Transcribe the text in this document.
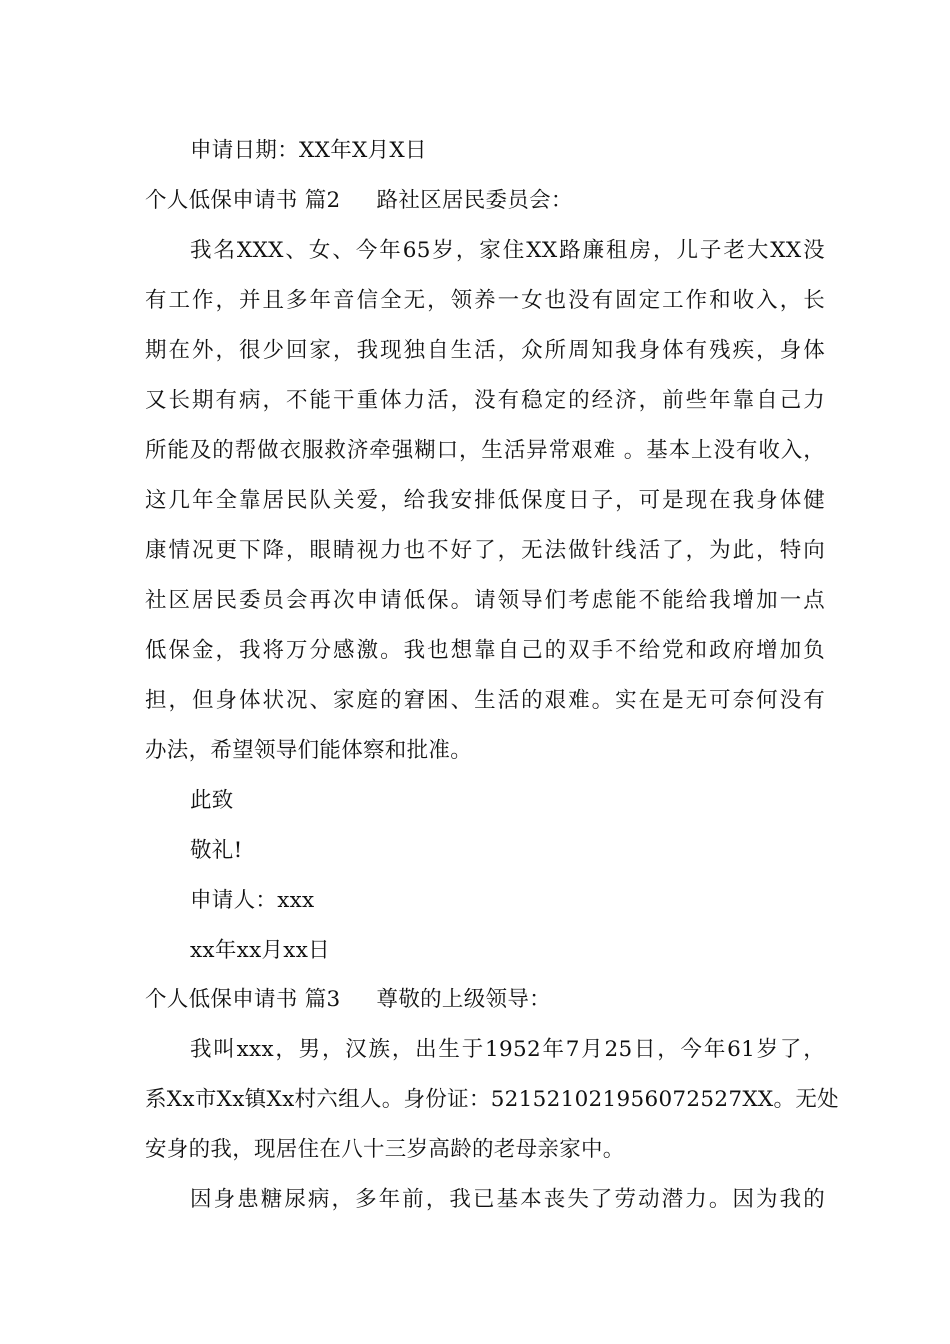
申请日期：XX年X月X日
个人低保申请书 篇2 路社区居民委员会：
我名XXX、女、今年65岁，家住XX路廉租房，儿子老大XX没
有工作，并且多年音信全无，领养一女也没有固定工作和收入，长
期在外，很少回家，我现独自生活，众所周知我身体有残疾，身体
又长期有病，不能干重体力活，没有稳定的经济，前些年靠自己力
所能及的帮做衣服救济牵强糊口，生活异常艰难 。基本上没有收入，
这几年全靠居民队关爱，给我安排低保度日子，可是现在我身体健
康情况更下降，眼睛视力也不好了，无法做针线活了，为此，特向
社区居民委员会再次申请低保。请领导们考虑能不能给我增加一点
低保金，我将万分感激。我也想靠自己的双手不给党和政府增加负
担，但身体状况、家庭的窘困、生活的艰难。实在是无可奈何没有
办法，希望领导们能体察和批准。
此致
敬礼!
申请人：xxx
xx年xx月xx日
个人低保申请书 篇3 尊敬的上级领导：
我叫xxx，男，汉族，出生于1952年7月25日，今年61岁了，
系Xx市Xx镇Xx村六组人。身份证：521521021956072527XX。无处
安身的我，现居住在八十三岁高龄的老母亲家中。
因身患糖尿病，多年前，我已基本丧失了劳动潜力。因为我的
